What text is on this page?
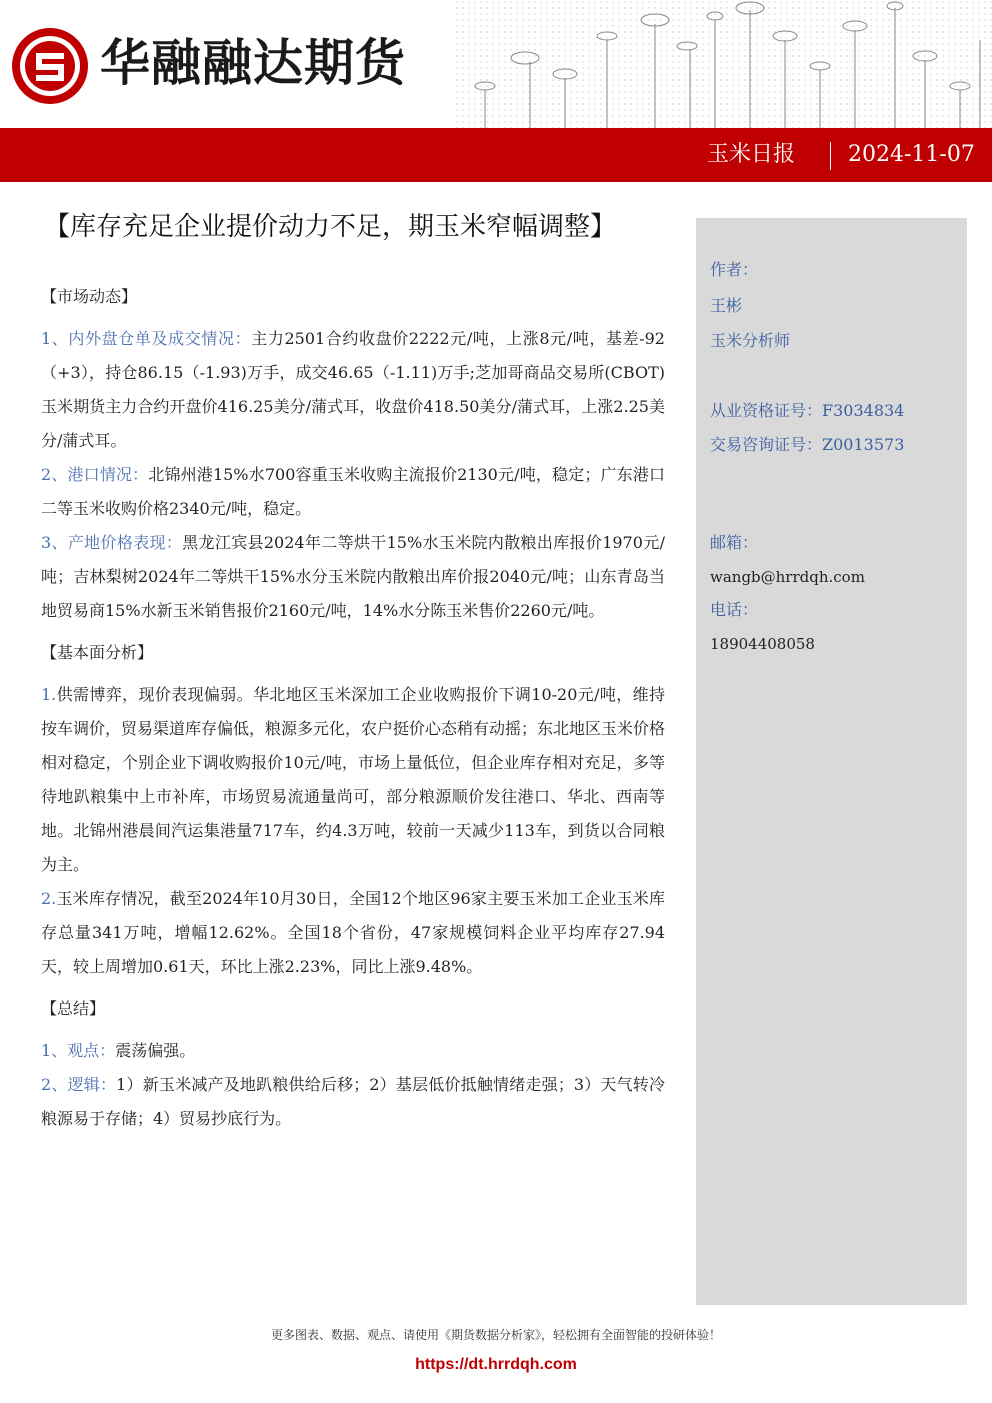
华融融达期货
玉米日报 2024-11-07
【库存充足企业提价动力不足，期玉米窄幅调整】
【市场动态】

1、内外盘仓单及成交情况：主力2501合约收盘价2222元/吨，上涨8元/吨，基差-92（+3），持仓86.15（-1.93)万手，成交46.65（-1.11)万手;芝加哥商品交易所(CBOT)玉米期货主力合约开盘价416.25美分/蒲式耳，收盘价418.50美分/蒲式耳，上涨2.25美分/蒲式耳。

2、港口情况：北锦州港15%水700容重玉米收购主流报价2130元/吨，稳定；广东港口二等玉米收购价格2340元/吨，稳定。

3、产地价格表现：黑龙江宾县2024年二等烘干15%水玉米院内散粮出库报价1970元/吨；吉林梨树2024年二等烘干15%水分玉米院内散粮出库价报2040元/吨；山东青岛当地贸易商15%水新玉米销售报价2160元/吨，14%水分陈玉米售价2260元/吨。

【基本面分析】

1.供需博弈，现价表现偏弱。华北地区玉米深加工企业收购报价下调10-20元/吨，维持按车调价，贸易渠道库存偏低，粮源多元化，农户挺价心态稍有动摇；东北地区玉米价格相对稳定，个别企业下调收购报价10元/吨，市场上量低位，但企业库存相对充足，多等待地趴粮集中上市补库，市场贸易流通量尚可，部分粮源顺价发往港口、华北、西南等地。北锦州港晨间汽运集港量717车，约4.3万吨，较前一天减少113车，到货以合同粮为主。

2.玉米库存情况，截至2024年10月30日，全国12个地区96家主要玉米加工企业玉米库存总量341万吨，增幅12.62%。全国18个省份，47家规模饲料企业平均库存27.94天，较上周增加0.61天，环比上涨2.23%，同比上涨9.48%。

【总结】

1、观点：震荡偏强。

2、逻辑：1）新玉米减产及地趴粮供给后移；2）基层低价抵触情绪走强；3）天气转冷粮源易于存储；4）贸易抄底行为。

作者：
王彬
玉米分析师
从业资格证号：F3034834
交易咨询证号：Z0013573
邮箱：
wangb@hrrdqh.com
电话：
18904408058
更多图表、数据、观点、请使用《期货数据分析家》，轻松拥有全面智能的投研体验！
https://dt.hrrdqh.com
